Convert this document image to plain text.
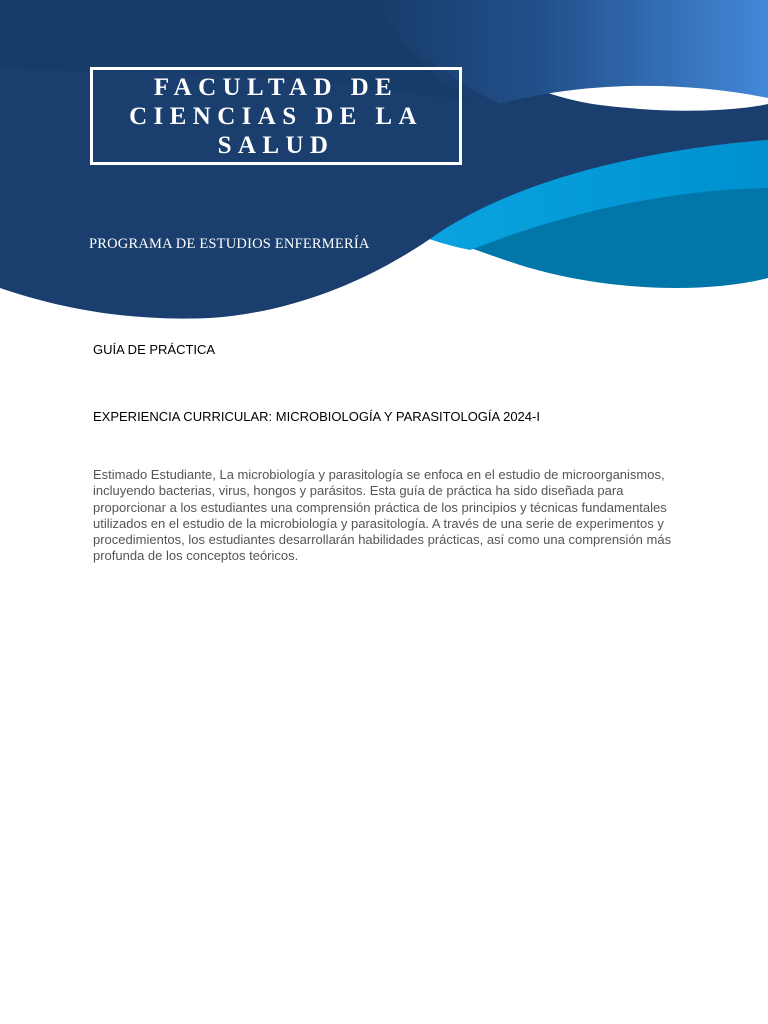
FACULTAD DE CIENCIAS DE LA SALUD

PROGRAMA DE ESTUDIOS ENFERMERÍA

GUÍA DE PRÁCTICA
EXPERIENCIA CURRICULAR: MICROBIOLOGÍA Y PARASITOLOGÍA 2024-I

Estimado Estudiante, La microbiología y parasitología se enfoca en el estudio de microorganismos, incluyendo bacterias, virus, hongos y parásitos. Esta guía de práctica ha sido diseñada para proporcionar a los estudiantes una comprensión práctica de los principios y técnicas fundamentales utilizados en el estudio de la microbiología y parasitología. A través de una serie de experimentos y procedimientos, los estudiantes desarrollarán habilidades prácticas, así como una comprensión más profunda de los conceptos teóricos.
